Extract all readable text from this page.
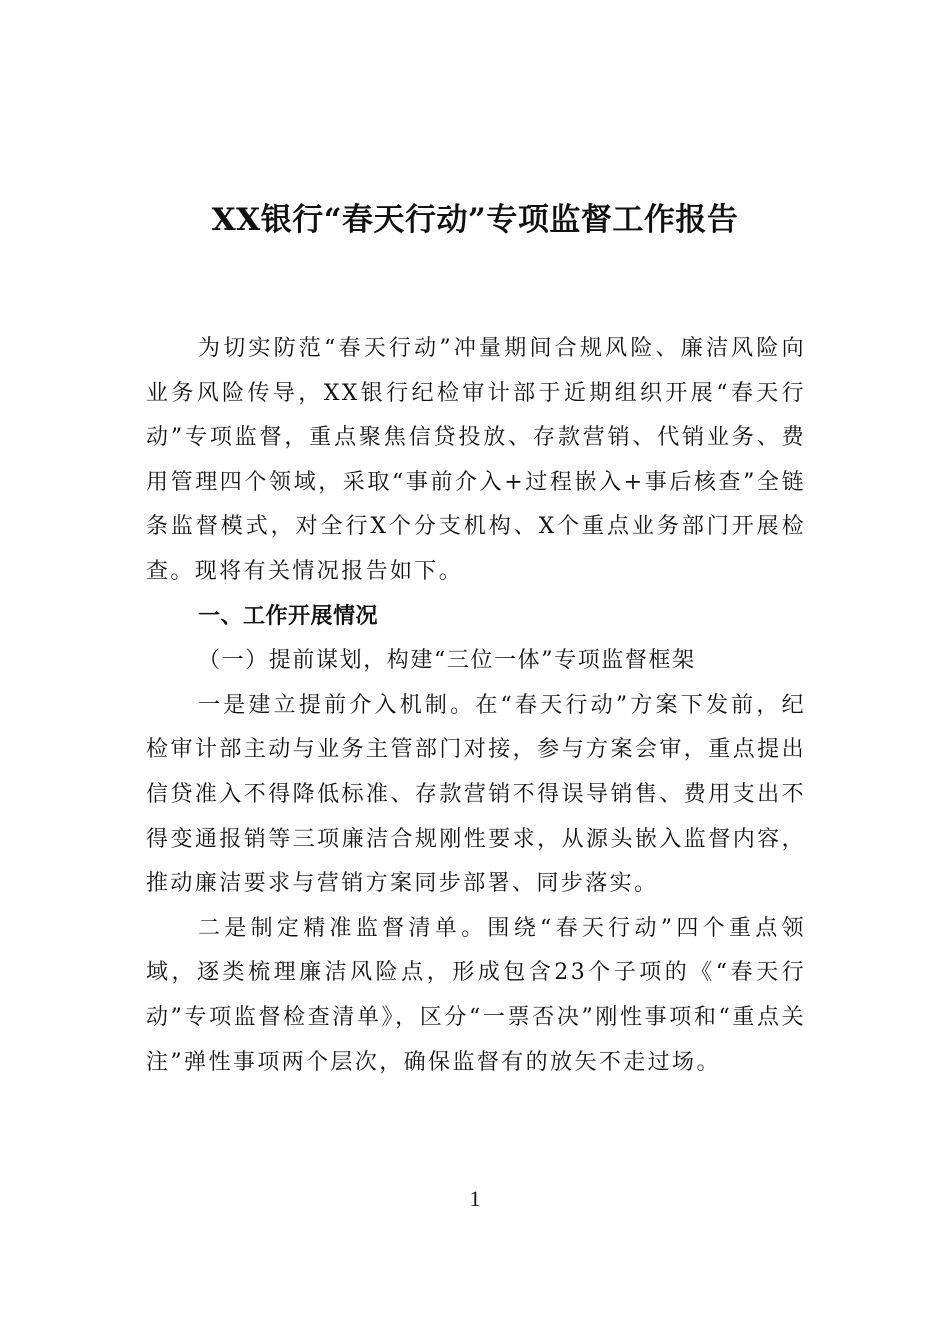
XX银行“春天行动”专项监督工作报告

为切实防范“春天行动”冲量期间合规风险、廉洁风险向业务风险传导，XX银行纪检审计部于近期组织开展“春天行动”专项监督，重点聚焦信贷投放、存款营销、代销业务、费用管理四个领域，采取“事前介入+过程嵌入+事后核查”全链条监督模式，对全行X个分支机构、X个重点业务部门开展检查。现将有关情况报告如下。

一、工作开展情况

（一）提前谋划，构建“三位一体”专项监督框架

一是建立提前介入机制。在“春天行动”方案下发前，纪检审计部主动与业务主管部门对接，参与方案会审，重点提出信贷准入不得降低标准、存款营销不得误导销售、费用支出不得变通报销等三项廉洁合规刚性要求，从源头嵌入监督内容，推动廉洁要求与营销方案同步部署、同步落实。

二是制定精准监督清单。围绕“春天行动”四个重点领域，逐类梳理廉洁风险点，形成包含23个子项的《“春天行动”专项监督检查清单》，区分“一票否决”刚性事项和“重点关注”弹性事项两个层次，确保监督有的放矢不走过场。

1
